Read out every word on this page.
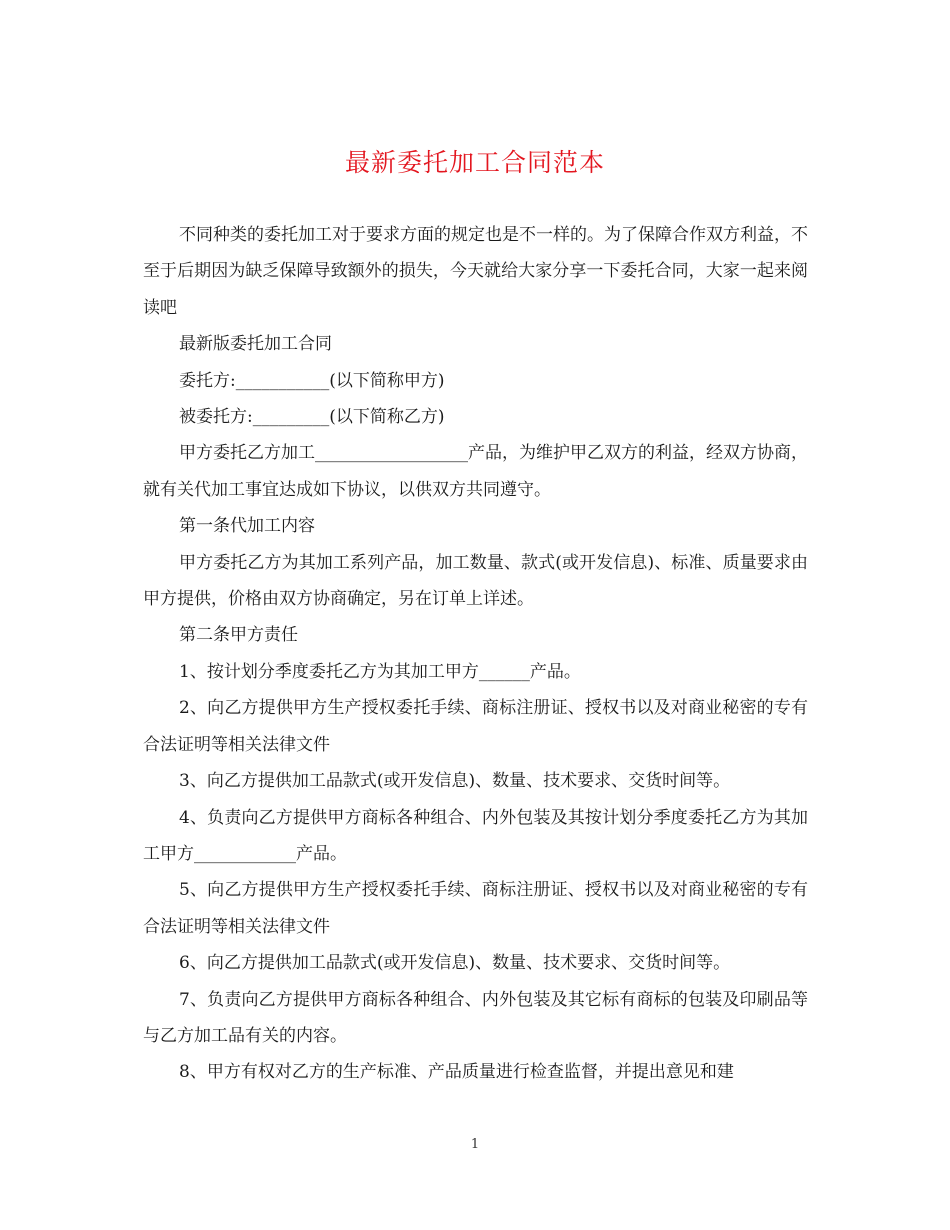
最新委托加工合同范本

不同种类的委托加工对于要求方面的规定也是不一样的。为了保障合作双方利益，不至于后期因为缺乏保障导致额外的损失，今天就给大家分享一下委托合同，大家一起来阅读吧

最新版委托加工合同

委托方:___________(以下简称甲方)

被委托方:_________(以下简称乙方)

甲方委托乙方加工__________________产品，为维护甲乙双方的利益，经双方协商，就有关代加工事宜达成如下协议，以供双方共同遵守。

第一条代加工内容

甲方委托乙方为其加工系列产品，加工数量、款式(或开发信息)、标准、质量要求由甲方提供，价格由双方协商确定，另在订单上详述。

第二条甲方责任

1、按计划分季度委托乙方为其加工甲方______产品。

2、向乙方提供甲方生产授权委托手续、商标注册证、授权书以及对商业秘密的专有合法证明等相关法律文件

3、向乙方提供加工品款式(或开发信息)、数量、技术要求、交货时间等。

4、负责向乙方提供甲方商标各种组合、内外包装及其按计划分季度委托乙方为其加工甲方____________产品。

5、向乙方提供甲方生产授权委托手续、商标注册证、授权书以及对商业秘密的专有合法证明等相关法律文件

6、向乙方提供加工品款式(或开发信息)、数量、技术要求、交货时间等。

7、负责向乙方提供甲方商标各种组合、内外包装及其它标有商标的包装及印刷品等与乙方加工品有关的内容。

8、甲方有权对乙方的生产标准、产品质量进行检查监督，并提出意见和建

1
